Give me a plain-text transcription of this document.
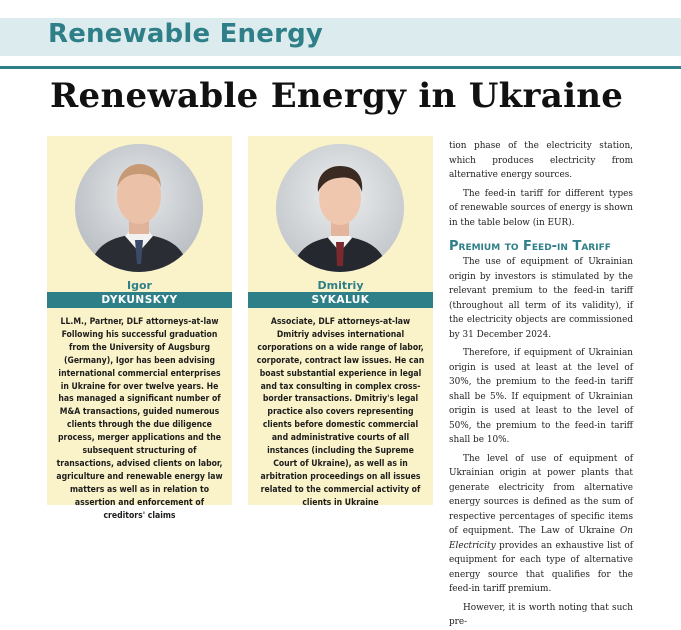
Renewable Energy
Renewable Energy in Ukraine
Igor
DYKUNSKYY

LL.M., Partner, DLF attorneys-at-law Following his successful graduation from the University of Augsburg (Germany), Igor has been advising international commercial enterprises in Ukraine for over twelve years. He has managed a significant number of M&A transactions, guided numerous clients through the due diligence process, merger applications and the subsequent structuring of transactions, advised clients on labor, agriculture and renewable energy law matters as well as in relation to assertion and enforcement of creditors' claims

Dmitriy
SYKALUK

Associate, DLF attorneys-at-law Dmitriy advises international corporations on a wide range of labor, corporate, contract law issues. He can boast substantial experience in legal and tax consulting in complex cross-border transactions. Dmitriy's legal practice also covers representing clients before domestic commercial and administrative courts of all instances (including the Supreme Court of Ukraine), as well as in arbitration proceedings on all issues related to the commercial activity of clients in Ukraine

tion phase of the electricity station, which produces electricity from alternative energy sources.

The feed-in tariff for different types of renewable sources of energy is shown in the table below (in EUR).

Premium to Feed-in Tariff

The use of equipment of Ukrainian origin by investors is stimulated by the relevant premium to the feed-in tariff (throughout all term of its validity), if the electricity objects are commissioned by 31 December 2024.

Therefore, if equipment of Ukrainian origin is used at least at the level of 30%, the premium to the feed-in tariff shall be 5%. If equipment of Ukrainian origin is used at least to the level of 50%, the premium to the feed-in tariff shall be 10%.

The level of use of equipment of Ukrainian origin at power plants that generate electricity from alternative energy sources is defined as the sum of respective percentages of specific items of equipment. The Law of Ukraine On Electricity provides an exhaustive list of equipment for each type of alternative energy source that qualifies for the feed-in tariff premium.

However, it is worth noting that such pre-
